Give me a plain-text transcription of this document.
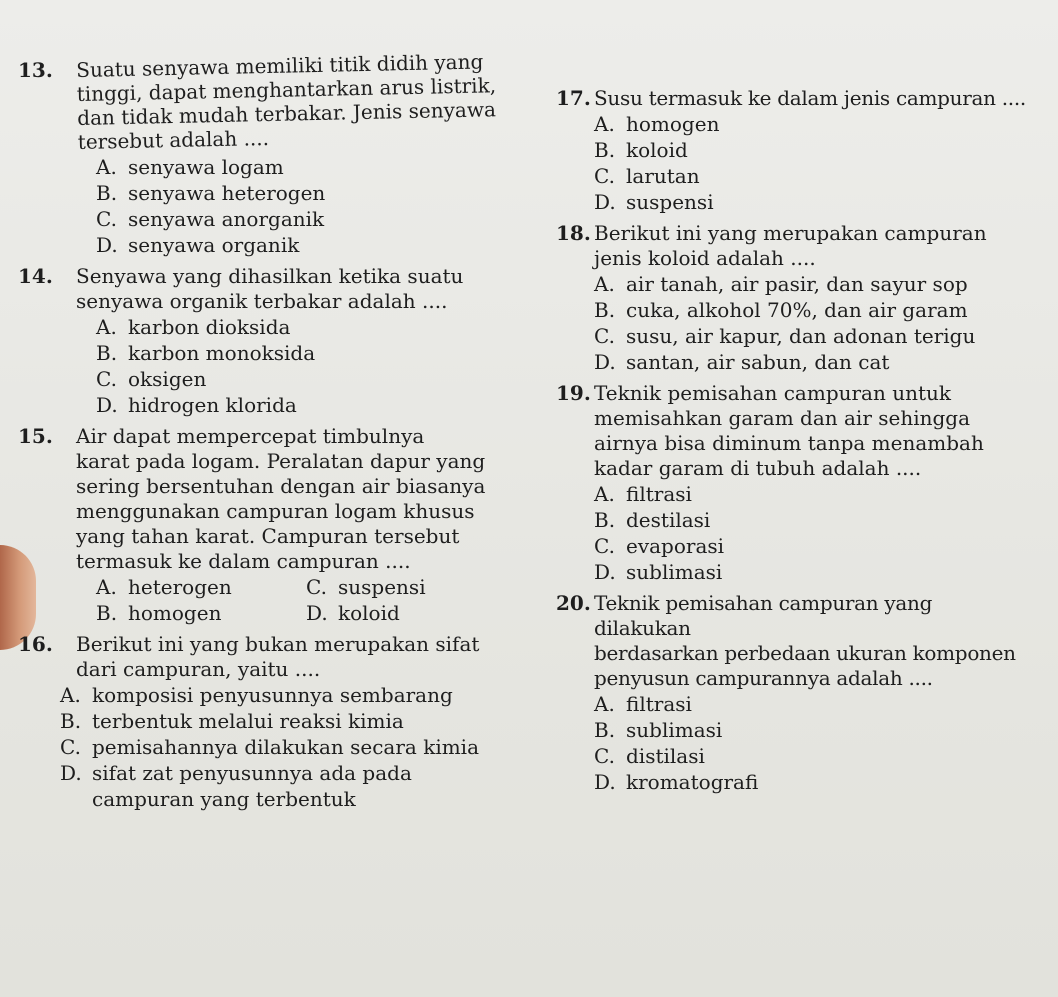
13.	Suatu senyawa memiliki titik didih yang
tinggi, dapat menghantarkan arus listrik,
dan tidak mudah terbakar. Jenis senyawa
tersebut adalah ....
A. senyawa logam
B. senyawa heterogen
C. senyawa anorganik
D. senyawa organik
14.	Senyawa yang dihasilkan ketika suatu
senyawa organik terbakar adalah ....
A. karbon dioksida
B. karbon monoksida
C. oksigen
D. hidrogen klorida
15.	Air dapat mempercepat timbulnya
karat pada logam. Peralatan dapur yang
sering bersentuhan dengan air biasanya
menggunakan campuran logam khusus
yang tahan karat. Campuran tersebut
termasuk ke dalam campuran ....
A. heterogen	C. suspensi
B. homogen	D. koloid
16.	Berikut ini yang bukan merupakan sifat
dari campuran, yaitu ....
A. komposisi penyusunnya sembarang
B. terbentuk melalui reaksi kimia
C. pemisahannya dilakukan secara kimia
D. sifat zat penyusunnya ada pada
campuran yang terbentuk
17. Susu termasuk ke dalam jenis campuran ....
A. homogen
B. koloid
C. larutan
D. suspensi
18. Berikut ini yang merupakan campuran
jenis koloid adalah ....
A. air tanah, air pasir, dan sayur sop
B. cuka, alkohol 70%, dan air garam
C. susu, air kapur, dan adonan terigu
D. santan, air sabun, dan cat
19. Teknik pemisahan campuran untuk
memisahkan garam dan air sehingga
airnya bisa diminum tanpa menambah
kadar garam di tubuh adalah ....
A. filtrasi
B. destilasi
C. evaporasi
D. sublimasi
20. Teknik pemisahan campuran yang dilakukan
berdasarkan perbedaan ukuran komponen
penyusun campurannya adalah ....
A. filtrasi
B. sublimasi
C. distilasi
D. kromatografi
